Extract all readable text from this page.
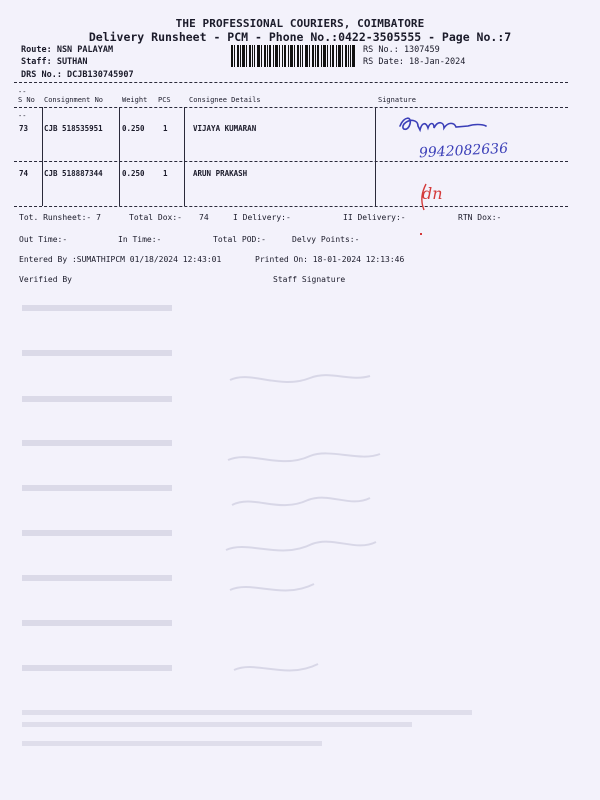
THE PROFESSIONAL COURIERS, COIMBATORE
Delivery Runsheet - PCM - Phone No.:0422-3505555 - Page No.:7
Route: NSN PALAYAM
Staff: SUTHAN
DRS No.: DCJB130745907
RS No.: 1307459
RS Date: 18-Jan-2024
--
--
S No Consignment No	Weight PCS	Consignee Details	Signature
73 CJB 518535951	0.250 1	VIJAYA KUMARAN
9942082636
74 CJB 518887344	0.250 1	ARUN PRAKASH
dn
Tot. Runsheet:- 7	Total Dox:- 74	I Delivery:-	II Delivery:-	RTN Dox:-
Out Time:-	In Time:-	Total POD:-	Delvy Points:-
Entered By :SUMATHIPCM 01/18/2024 12:43:01	Printed On: 18-01-2024 12:13:46
Verified By	Staff Signature
